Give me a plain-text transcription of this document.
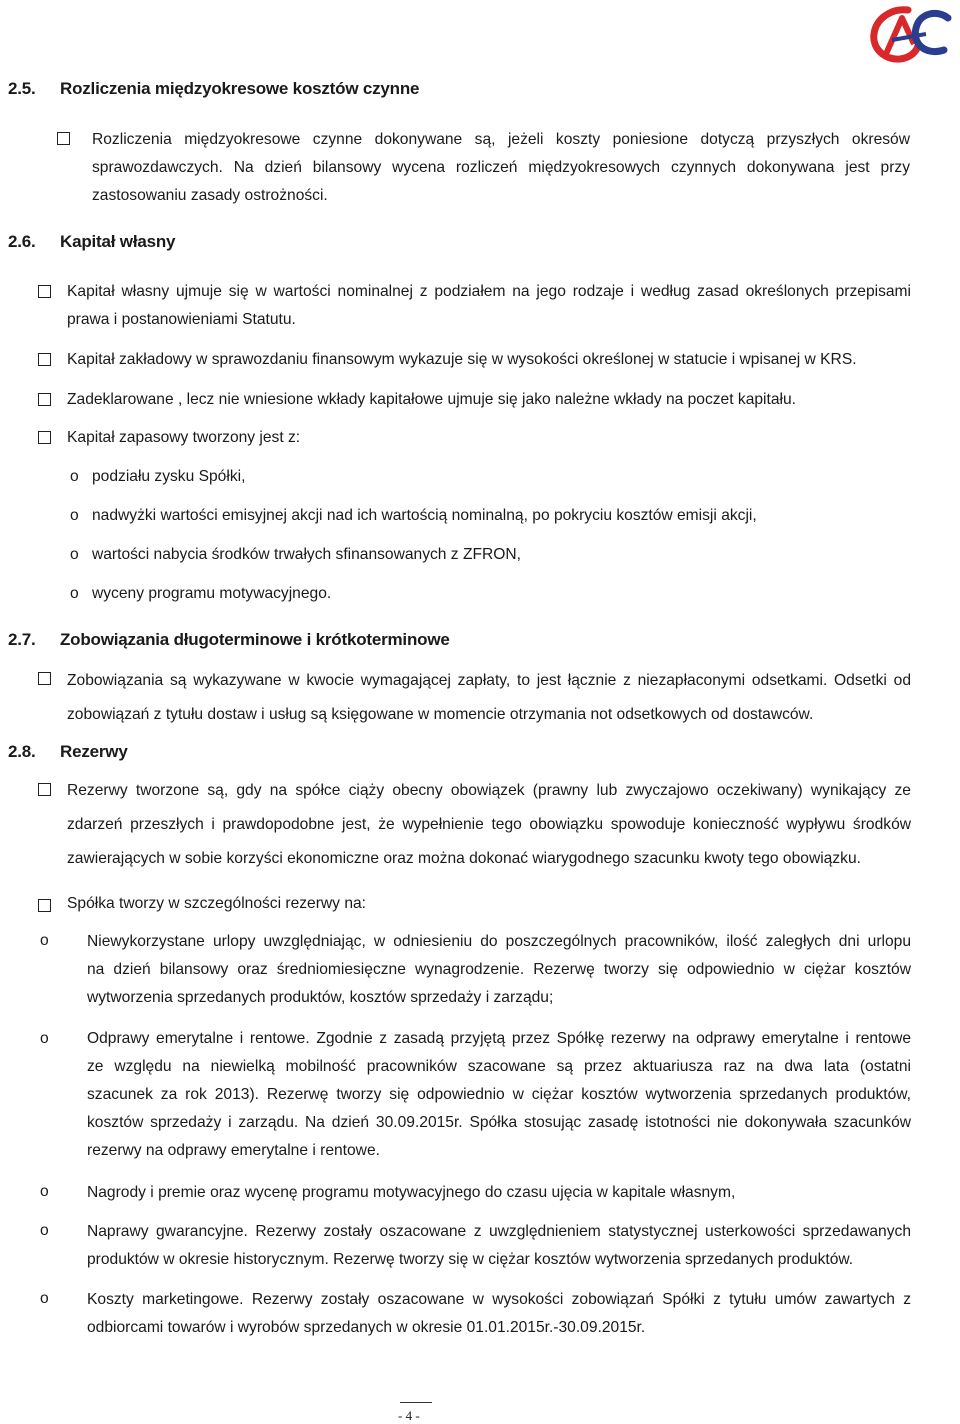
2.5. Rozliczenia międzyokresowe kosztów czynne
Rozliczenia międzyokresowe czynne dokonywane są, jeżeli koszty poniesione dotyczą przyszłych okresów
sprawozdawczych. Na dzień bilansowy wycena rozliczeń międzyokresowych czynnych dokonywana jest przy
zastosowaniu zasady ostrożności.
2.6. Kapitał własny
Kapitał własny ujmuje się w wartości nominalnej z podziałem na jego rodzaje i według zasad określonych przepisami
prawa i postanowieniami Statutu.
Kapitał zakładowy w sprawozdaniu finansowym wykazuje się w wysokości określonej w statucie i wpisanej w KRS.
Zadeklarowane , lecz nie wniesione wkłady kapitałowe ujmuje się jako należne wkłady na poczet kapitału.
Kapitał zapasowy tworzony jest z:
o podziału zysku Spółki,
o nadwyżki wartości emisyjnej akcji nad ich wartością nominalną, po pokryciu kosztów emisji akcji,
o wartości nabycia środków trwałych sfinansowanych z ZFRON,
o wyceny programu motywacyjnego.
2.7. Zobowiązania długoterminowe i krótkoterminowe
Zobowiązania są wykazywane w kwocie wymagającej zapłaty, to jest łącznie z niezapłaconymi odsetkami. Odsetki od
zobowiązań z tytułu dostaw i usług są księgowane w momencie otrzymania not odsetkowych od dostawców.
2.8. Rezerwy
Rezerwy tworzone są, gdy na spółce ciąży obecny obowiązek (prawny lub zwyczajowo oczekiwany) wynikający ze
zdarzeń przeszłych i prawdopodobne jest, że wypełnienie tego obowiązku spowoduje konieczność wypływu środków
zawierających w sobie korzyści ekonomiczne oraz można dokonać wiarygodnego szacunku kwoty tego obowiązku.
Spółka tworzy w szczególności rezerwy na:
o Niewykorzystane urlopy uwzględniając, w odniesieniu do poszczególnych pracowników, ilość zaległych dni urlopu
na dzień bilansowy oraz średniomiesięczne wynagrodzenie. Rezerwę tworzy się odpowiednio w ciężar kosztów
wytworzenia sprzedanych produktów, kosztów sprzedaży i zarządu;
o Odprawy emerytalne i rentowe. Zgodnie z zasadą przyjętą przez Spółkę rezerwy na odprawy emerytalne i rentowe
ze względu na niewielką mobilność pracowników szacowane są przez aktuariusza raz na dwa lata (ostatni
szacunek za rok 2013). Rezerwę tworzy się odpowiednio w ciężar kosztów wytworzenia sprzedanych produktów,
kosztów sprzedaży i zarządu. Na dzień 30.09.2015r. Spółka stosując zasadę istotności nie dokonywała szacunków
rezerwy na odprawy emerytalne i rentowe.
o Nagrody i premie oraz wycenę programu motywacyjnego do czasu ujęcia w kapitale własnym,
o Naprawy gwarancyjne. Rezerwy zostały oszacowane z uwzględnieniem statystycznej usterkowości sprzedawanych
produktów w okresie historycznym. Rezerwę tworzy się w ciężar kosztów wytworzenia sprzedanych produktów.
o Koszty marketingowe. Rezerwy zostały oszacowane w wysokości zobowiązań Spółki z tytułu umów zawartych z
odbiorcami towarów i wyrobów sprzedanych w okresie 01.01.2015r.-30.09.2015r.
- 4 -
